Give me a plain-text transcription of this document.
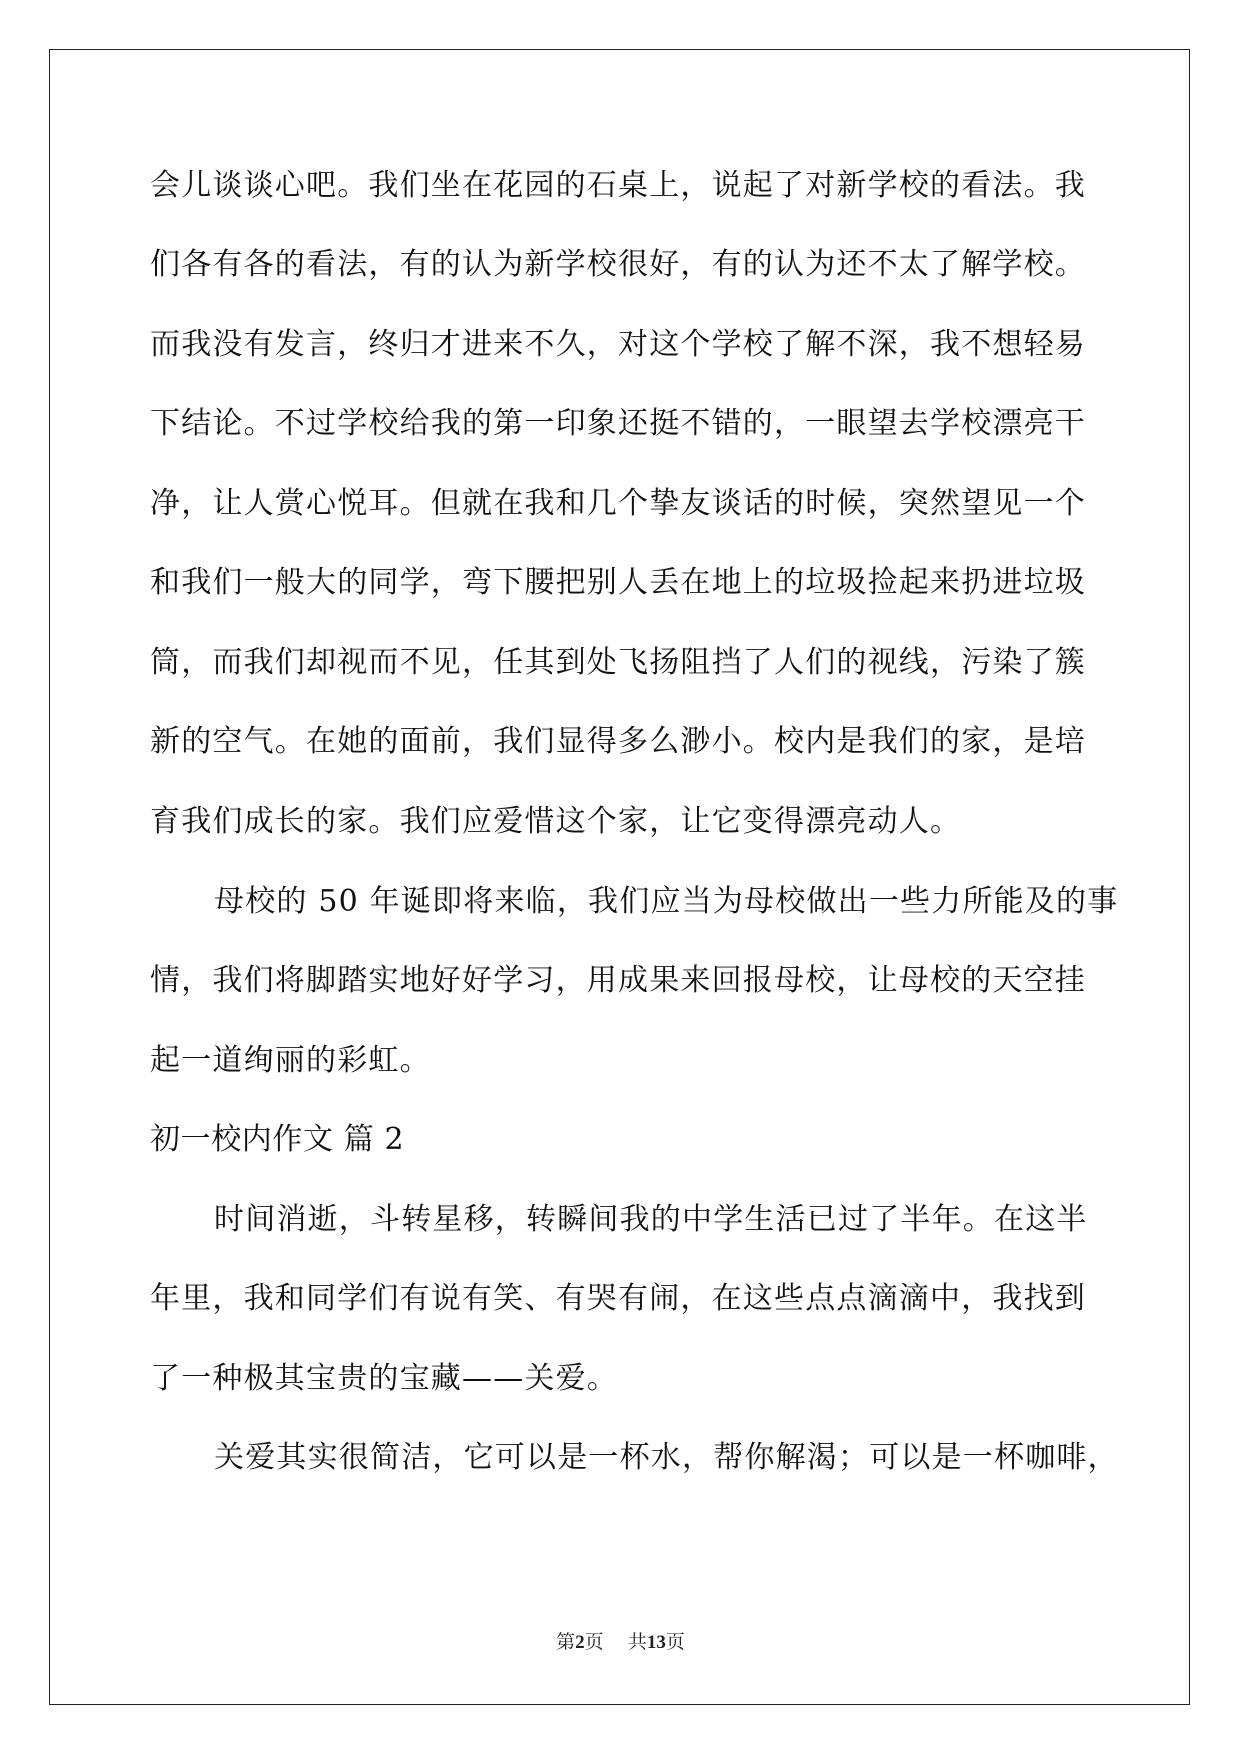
会儿谈谈心吧。我们坐在花园的石桌上，说起了对新学校的看法。我
们各有各的看法，有的认为新学校很好，有的认为还不太了解学校。
而我没有发言，终归才进来不久，对这个学校了解不深，我不想轻易
下结论。不过学校给我的第一印象还挺不错的，一眼望去学校漂亮干
净，让人赏心悦耳。但就在我和几个挚友谈话的时候，突然望见一个
和我们一般大的同学，弯下腰把别人丢在地上的垃圾捡起来扔进垃圾
筒，而我们却视而不见，任其到处飞扬阻挡了人们的视线，污染了簇
新的空气。在她的面前，我们显得多么渺小。校内是我们的家，是培
育我们成长的家。我们应爱惜这个家，让它变得漂亮动人。
母校的 50 年诞即将来临，我们应当为母校做出一些力所能及的事
情，我们将脚踏实地好好学习，用成果来回报母校，让母校的天空挂
起一道绚丽的彩虹。
初一校内作文 篇 2
时间消逝，斗转星移，转瞬间我的中学生活已过了半年。在这半
年里，我和同学们有说有笑、有哭有闹，在这些点点滴滴中，我找到
了一种极其宝贵的宝藏——关爱。
关爱其实很简洁，它可以是一杯水，帮你解渴；可以是一杯咖啡，
第2页 共13页
